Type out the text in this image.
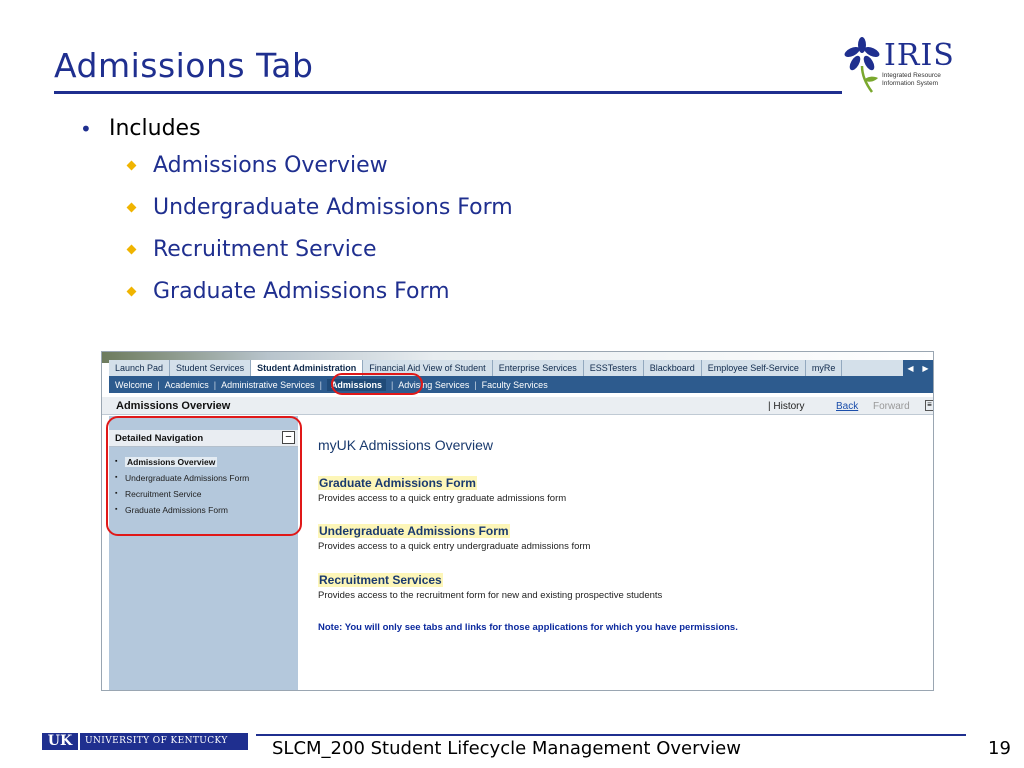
Admissions Tab	IRIS
Integrated Resource
Information System
• Includes
Admissions Overview
Undergraduate Admissions Form
Recruitment Service
Graduate Admissions Form
Launch Pad	Student Services	Student Administration	Financial Aid View of Student	Enterprise Services	ESSTesters	Blackboard	Employee Self-Service	myRe	◀ ▶
Welcome | Academics | Administrative Services |	Admissions	| Advising Services | Faculty Services
Admissions Overview	| History	Back Forward ≡
Detailed Navigation	−
▪ Admissions Overview
▪ Undergraduate Admissions Form
▪ Recruitment Service
▪ Graduate Admissions Form
myUK Admissions Overview
Graduate Admissions Form
Provides access to a quick entry graduate admissions form
Undergraduate Admissions Form
Provides access to a quick entry undergraduate admissions form
Recruitment Services
Provides access to the recruitment form for new and existing prospective students
Note: You will only see tabs and links for those applications for which you have permissions.
UK	UNIVERSITY OF KENTUCKY	SLCM_200 Student Lifecycle Management Overview	19
